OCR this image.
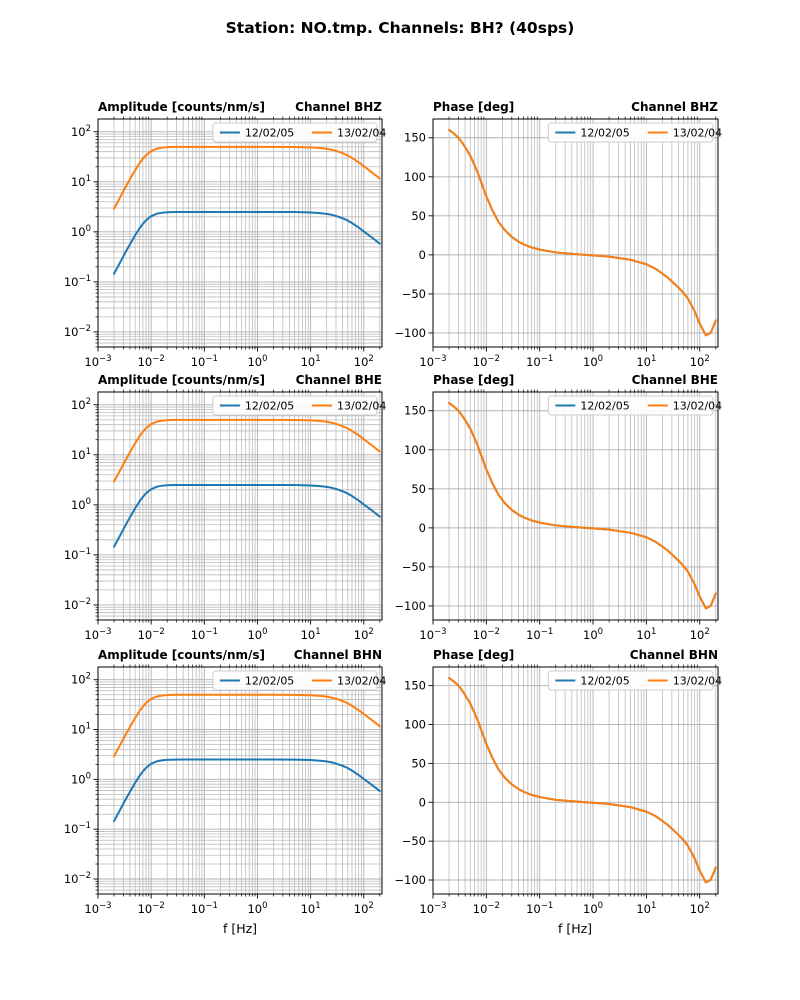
Station: NO.tmp. Channels: BH? (40sps)
Amplitude [counts/nm/s]	Channel BHZ
$10^{-3}$ $10^{-2}$ $10^{-1}$	$10^0$	$10^1$	$10^2$
$10^{-2}$
$10^{-1}$
$10^0$
$10^1$
$10^2$	12/02/05	13/02/04
Phase [deg]	Channel BHZ
$10^{-3}$ $10^{-2}$ $10^{-1}$	$10^0$	$10^1$	$10^2$
150
100
50
0
−50
−100
12/02/05	13/02/04
Amplitude [counts/nm/s]	Channel BHE
$10^{-3}$ $10^{-2}$ $10^{-1}$	$10^0$	$10^1$	$10^2$
$10^{-2}$
$10^{-1}$
$10^0$
$10^1$
$10^2$	12/02/05	13/02/04
Phase [deg]	Channel BHE
$10^{-3}$ $10^{-2}$ $10^{-1}$	$10^0$	$10^1$	$10^2$
150
100
50
0
−50
−100
12/02/05	13/02/04
Amplitude [counts/nm/s] Channel BHN
$10^{-3}$ $10^{-2}$ $10^{-1}$	$10^0$	$10^1$	$10^2$
$10^{-2}$
$10^{-1}$
$10^0$
$10^1$
$10^2$	12/02/05	13/02/04
Phase [deg]	Channel BHN
$10^{-3}$ $10^{-2}$ $10^{-1}$	$10^0$	$10^1$	$10^2$
150
100
50
0
−50
−100
12/02/05	13/02/04
f [Hz]	f [Hz]
